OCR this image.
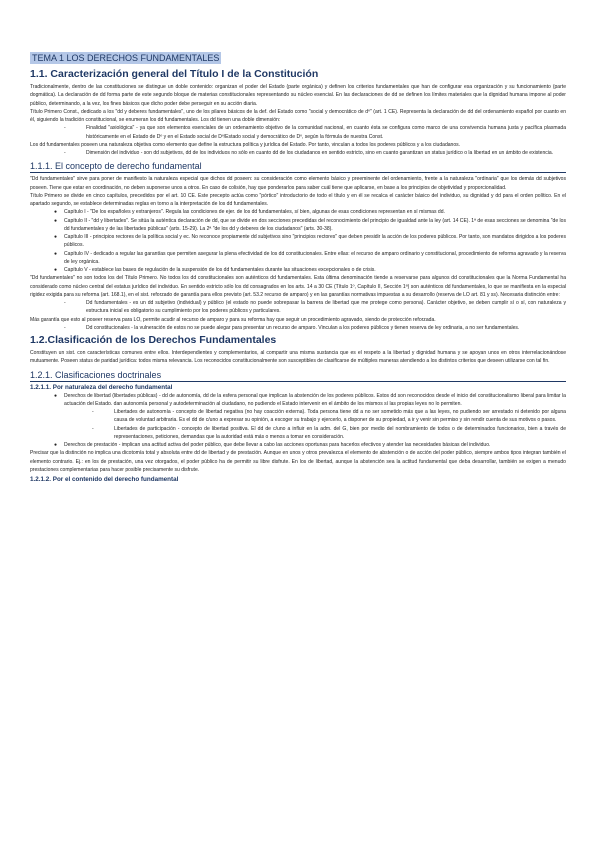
TEMA 1 LOS DERECHOS FUNDAMENTALES
1.1. Caracterización general del Título I de la Constitución

Tradicionalmente, dentro de las constituciones se distingue un doble contenido: organizan el poder del Estado (parte orgánica) y definen los criterios fundamentales que han de configurar esa organización y su funcionamiento (parte dogmática). La declaración de dd forma parte de este segundo bloque de materias constitucionales representando su núcleo esencial. En las declaraciones de dd se definen los límites materiales que la dignidad humana impone al poder público, determinando, a la vez, los fines básicos que dicho poder debe perseguir en su acción diaria.

Título Primero Const., dedicado a los "dd y deberes fundamentales", uno de los pilares básicos de la def. del Estado como "social y democrático de dº" (art. 1 CE). Representa la declaración de dd del ordenamiento español por cuanto en él, siguiendo la tradición constitucional, se enumeran los dd fundamentales. Los dd tienen una doble dimensión:

- Finalidad "axiológica" - ya que son elementos esenciales de un ordenamiento objetivo de la comunidad nacional, en cuanto ésta se configura como marco de una convivencia humana justa y pacífica plasmada históricamente en el Estado de Dº y en el Estado social de Dº/Estado social y democrático de Dº, según la fórmula de nuestra Const.

Los dd fundamentales poseen una naturaleza objetiva como elemento que define la estructura política y jurídica del Estado. Por tanto, vinculan a todos los poderes públicos y a los ciudadanos.

- Dimensión del individuo - son dd subjetivos, dd de los individuos no sólo en cuanto dd de los ciudadanos en sentido estricto, sino en cuanto garantizan un status jurídico o la libertad en un ámbito de existencia.
1.1.1. El concepto de derecho fundamental

"Dd fundamentales" sirve para poner de manifiesto la naturaleza especial que dichos dd poseen: su consideración como elemento básico y preeminente del ordenamiento, frente a la naturaleza "ordinaria" que los demás dd subjetivos poseen. Tiene que estar en coordinación, no deben suponerse unos a otros. En caso de colisión, hay que ponderarlos para saber cuál tiene que aplicarse, en base a los principios de objetividad y proporcionalidad.

Título Primero se divide en cinco capítulos, precedidos por el art. 10 CE. Este precepto actúa como "pórtico" introductorio de todo el título y en él se recalca el carácter básico del individuo, su dignidad y dd para el orden político. En el apartado segundo, se establece determinadas reglas en torno a la interpretación de los dd fundamentales.

● Capítulo I - "De los españoles y extranjeros". Regula las condiciones de ejer. de los dd fundamentales, sí bien, algunas de esas condiciones representan en sí mismas dd.
● Capítulo II - "dd y libertades". Se sitúa la auténtica declaración de dd, que se divide en dos secciones precedidas del reconocimiento del principio de igualdad ante la ley (art. 14 CE). 1ª de esas secciones se denomina "de los dd fundamentales y de las libertades públicas" (arts. 15-29). La 2ª "de los dd y deberes de los ciudadanos" (arts. 30-38).
● Capítulo III - principios rectores de la política social y ec. No reconoce propiamente dd subjetivos sino "principios rectores" que deben presidir la acción de los poderes públicos. Por tanto, son mandatos dirigidos a los poderes públicos.
● Capítulo IV - dedicado a regular las garantías que permiten asegurar la plena efectividad de los dd constitucionales. Entre ellas: el recurso de amparo ordinario y constitucional, procedimiento de reforma agravado y la reserva de ley orgánica.
● Capítulo V - establece las bases de regulación de la suspensión de los dd fundamentales durante las situaciones excepcionales o de crisis.

"Dd fundamentales" no son todos los del Título Primero. No todos los dd constitucionales son auténticos dd fundamentales. Esta última denominación tiende a reservarse para algunos dd constitucionales que la Norma Fundamental ha considerado como núcleo central del estatus jurídico del individuo. En sentido estricto sólo los dd consagrados en los arts. 14 a 30 CE (Título 1º, Capítulo II, Sección 1ª) son auténticos dd fundamentales, lo que se manifiesta en la especial rigidez exigida para su reforma (art. 168.1), en el sist. reforzado de garantía para ellos previsto (art. 53.2 recurso de amparo) y en las garantías normativas impuestas a su desarrollo (reserva de LO art. 81 y ss). Necesaria distinción entre:

- Dd fundamentales - es un dd subjetivo (individual) y público (el estado no puede sobrepasar la barrera de libertad que me protege como persona). Carácter objetivo, se deben cumplir sí o sí, con naturaleza y estructura inicial es obligatorio su cumplimiento por los poderes públicos y particulares.

Más garantía que esto al poseer reserva para LO, permite acudir al recurso de amparo y para su reforma hay que seguir un procedimiento agravado, siendo de protección reforzada.

- Dd constitucionales - la vulneración de estos no se puede alegar para presentar un recurso de amparo. Vinculan a los poderes públicos y tienen reserva de ley ordinaria, a no ser fundamentales.
1.2.Clasificación de los Derechos Fundamentales

Constituyen un sist. con características comunes entre ellos. Interdependientes y complementarios, al compartir una misma sustancia que es el respeto a la libertad y dignidad humana y se apoyan unos en otros interrelacionándose mutuamente. Poseen status de paridad jurídica: todos misma relevancia. Los reconocidos constitucionalmente son susceptibles de clasificarse de múltiples maneras atendiendo a los distintos criterios que deseen utilizarse con tal fin.

1.2.1. Clasificaciones doctrinales
1.2.1.1. Por naturaleza del derecho fundamental
● Derechos de libertad (libertades públicas) - dd de autonomía, dd de la esfera personal que implican la abstención de los poderes públicos. Estos dd son reconocidos desde el inicio del constitucionalismo liberal para limitar la actuación del Estado. dan autonomía personal y autodeterminación al ciudadano, no pudiendo el Estado intervenir en el ámbito de los mismos sí las propias leyes no lo permiten.
- Libertades de autonomía - concepto de libertad negativa (no hay coacción externa). Toda persona tiene dd a no ser sometido más que a las leyes, no pudiendo ser arrestado ni detenido por alguna causa de voluntad arbitraria. Es el dd de c/uno a expresar su opinión, a escoger su trabajo y ejercerlo, a disponer de su propiedad, a ir y venir sin permiso y sin rendir cuenta de sus motivos o pasos.
- Libertades de participación - concepto de libertad positiva. El dd de c/uno a influir en la adm. del G, bien por medio del nombramiento de todos o de determinados funcionarios, bien a través de representaciones, peticiones, demandas que la autoridad está más o menos a tomar en consideración.
● Derechos de prestación - implican una actitud activa del poder público, que debe llevar a cabo las acciones oportunas para hacerlos efectivos y atender las necesidades básicas del individuo.

Precisar que la distinción no implica una dicotomía total y absoluta entre dd de libertad y de prestación. Aunque en unos y otros prevalezca el elemento de abstención o de acción del poder público, siempre ambos tipos integran también el elemento contrario. Ej.: en los de prestación, una vez otorgados, el poder público ha de permitir su libre disfrute. En los de libertad, aunque la abstención sea la actitud fundamental que deba desarrollar, también se exigen a menudo prestaciones complementarias para hacer posible precisamente su disfrute.

1.2.1.2. Por el contenido del derecho fundamental
